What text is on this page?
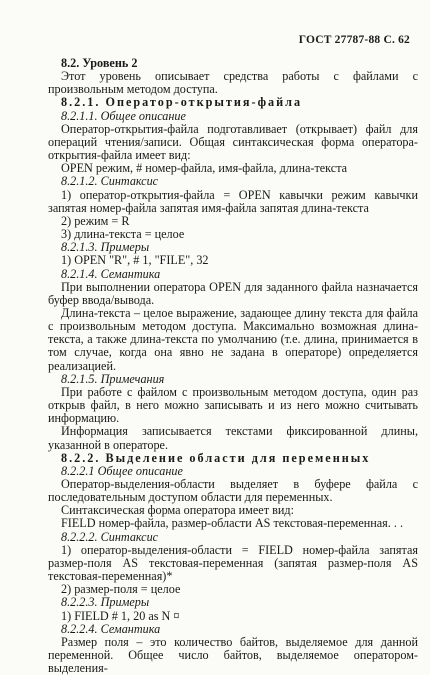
ГОСТ 27787-88 С. 62

8.2. Уровень 2

Этот уровень описывает средства работы с файлами с произвольным методом доступа.

8.2.1. Оператор-открытия-файла

8.2.1.1. Общее описание

Оператор-открытия-файла подготавливает (открывает) файл для операций чтения/записи. Общая синтаксическая форма оператора-открытия-файла имеет вид:

OPEN режим, # номер-файла, имя-файла, длина-текста

8.2.1.2. Синтаксис

1) оператор-открытия-файла = OPEN кавычки режим кавычки запятая номер-файла запятая имя-файла запятая длина-текста

2) режим = R

3) длина-текста = целое

8.2.1.3. Примеры

1) OPEN "R", # 1, "FILE", 32

8.2.1.4. Семантика

При выполнении оператора OPEN для заданного файла назначается буфер ввода/вывода.

Длина-текста – целое выражение, задающее длину текста для файла с произвольным методом доступа. Максимально возможная длина-текста, а также длина-текста по умолчанию (т.е. длина, принимается в том случае, когда она явно не задана в операторе) определяется реализацией.

8.2.1.5. Примечания

При работе с файлом с произвольным методом доступа, один раз открыв файл, в него можно записывать и из него можно считывать информацию.

Информация записывается текстами фиксированной длины, указанной в операторе.

8.2.2. Выделение области для переменных

8.2.2.1 Общее описание

Оператор-выделения-области выделяет в буфере файла с последовательным доступом области для переменных.

Синтаксическая форма оператора имеет вид:

FIELD номер-файла, размер-области AS текстовая-переменная. . .

8.2.2.2. Синтаксис

1) оператор-выделения-области = FIELD номер-файла запятая размер-поля AS текстовая-переменная (запятая размер-поля AS текстовая-переменная)*

2) размер-поля = целое

8.2.2.3. Примеры

1) FIELD # 1, 20 as N ¤

8.2.2.4. Семантика

Размер поля – это количество байтов, выделяемое для данной переменной. Общее число байтов, выделяемое оператором-выделения-
